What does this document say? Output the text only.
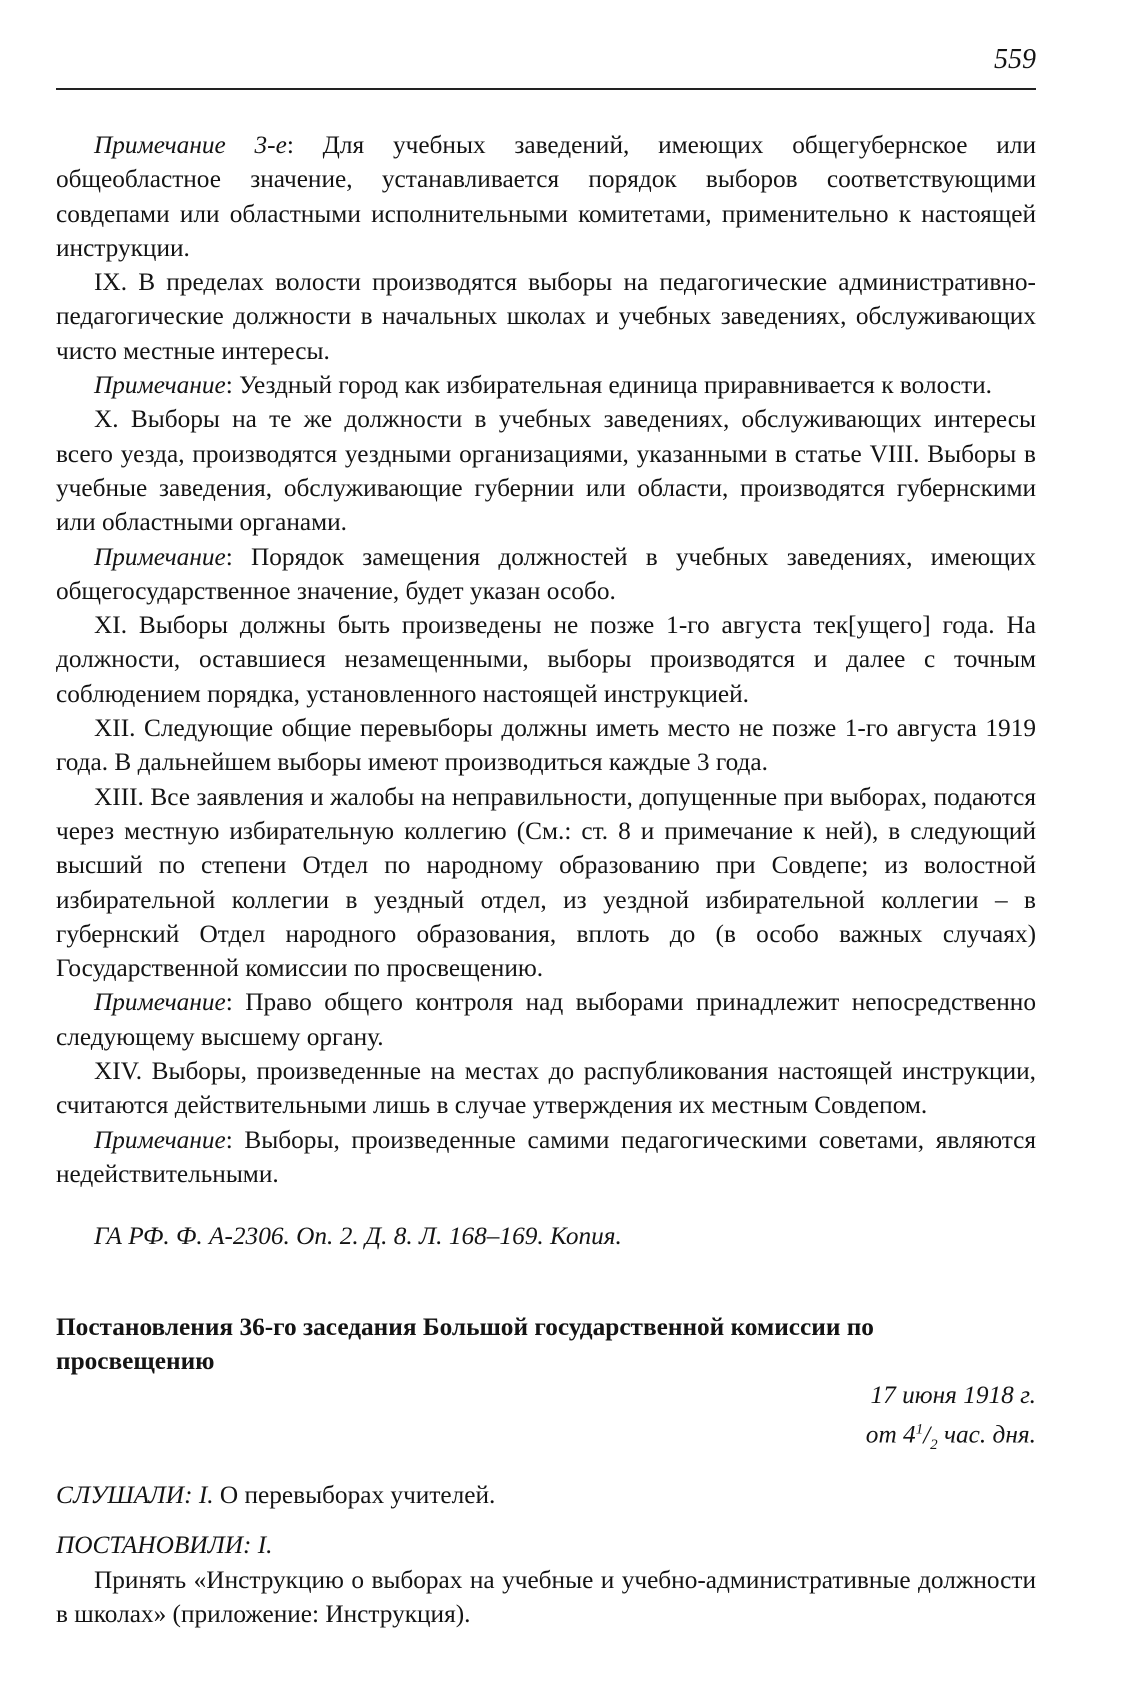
559

Примечание 3-е: Для учебных заведений, имеющих общегубернское или общеобластное значение, устанавливается порядок выборов соответствующими совдепами или областными исполнительными комитетами, применительно к настоящей инструкции.

IX. В пределах волости производятся выборы на педагогические административно-педагогические должности в начальных школах и учебных заведениях, обслуживающих чисто местные интересы.

Примечание: Уездный город как избирательная единица приравнивается к волости.

X. Выборы на те же должности в учебных заведениях, обслуживающих интересы всего уезда, производятся уездными организациями, указанными в статье VIII. Выборы в учебные заведения, обслуживающие губернии или области, производятся губернскими или областными органами.

Примечание: Порядок замещения должностей в учебных заведениях, имеющих общегосударственное значение, будет указан особо.

XI. Выборы должны быть произведены не позже 1-го августа тек[ущего] года. На должности, оставшиеся незамещенными, выборы производятся и далее с точным соблюдением порядка, установленного настоящей инструкцией.

XII. Следующие общие перевыборы должны иметь место не позже 1-го августа 1919 года. В дальнейшем выборы имеют производиться каждые 3 года.

XIII. Все заявления и жалобы на неправильности, допущенные при выборах, подаются через местную избирательную коллегию (См.: ст. 8 и примечание к ней), в следующий высший по степени Отдел по народному образованию при Совдепе; из волостной избирательной коллегии в уездный отдел, из уездной избирательной коллегии – в губернский Отдел народного образования, вплоть до (в особо важных случаях) Государственной комиссии по просвещению.

Примечание: Право общего контроля над выборами принадлежит непосредственно следующему высшему органу.

XIV. Выборы, произведенные на местах до распубликования настоящей инструкции, считаются действительными лишь в случае утверждения их местным Совдепом.

Примечание: Выборы, произведенные самими педагогическими советами, являются недействительными.

ГА РФ. Ф. А-2306. Оп. 2. Д. 8. Л. 168–169. Копия.

Постановления 36-го заседания Большой государственной комиссии по просвещению

17 июня 1918 г.

от $4^1/_2$ час. дня.

СЛУШАЛИ: I. О перевыборах учителей.

ПОСТАНОВИЛИ: I.

Принять «Инструкцию о выборах на учебные и учебно-административные должности в школах» (приложение: Инструкция).
